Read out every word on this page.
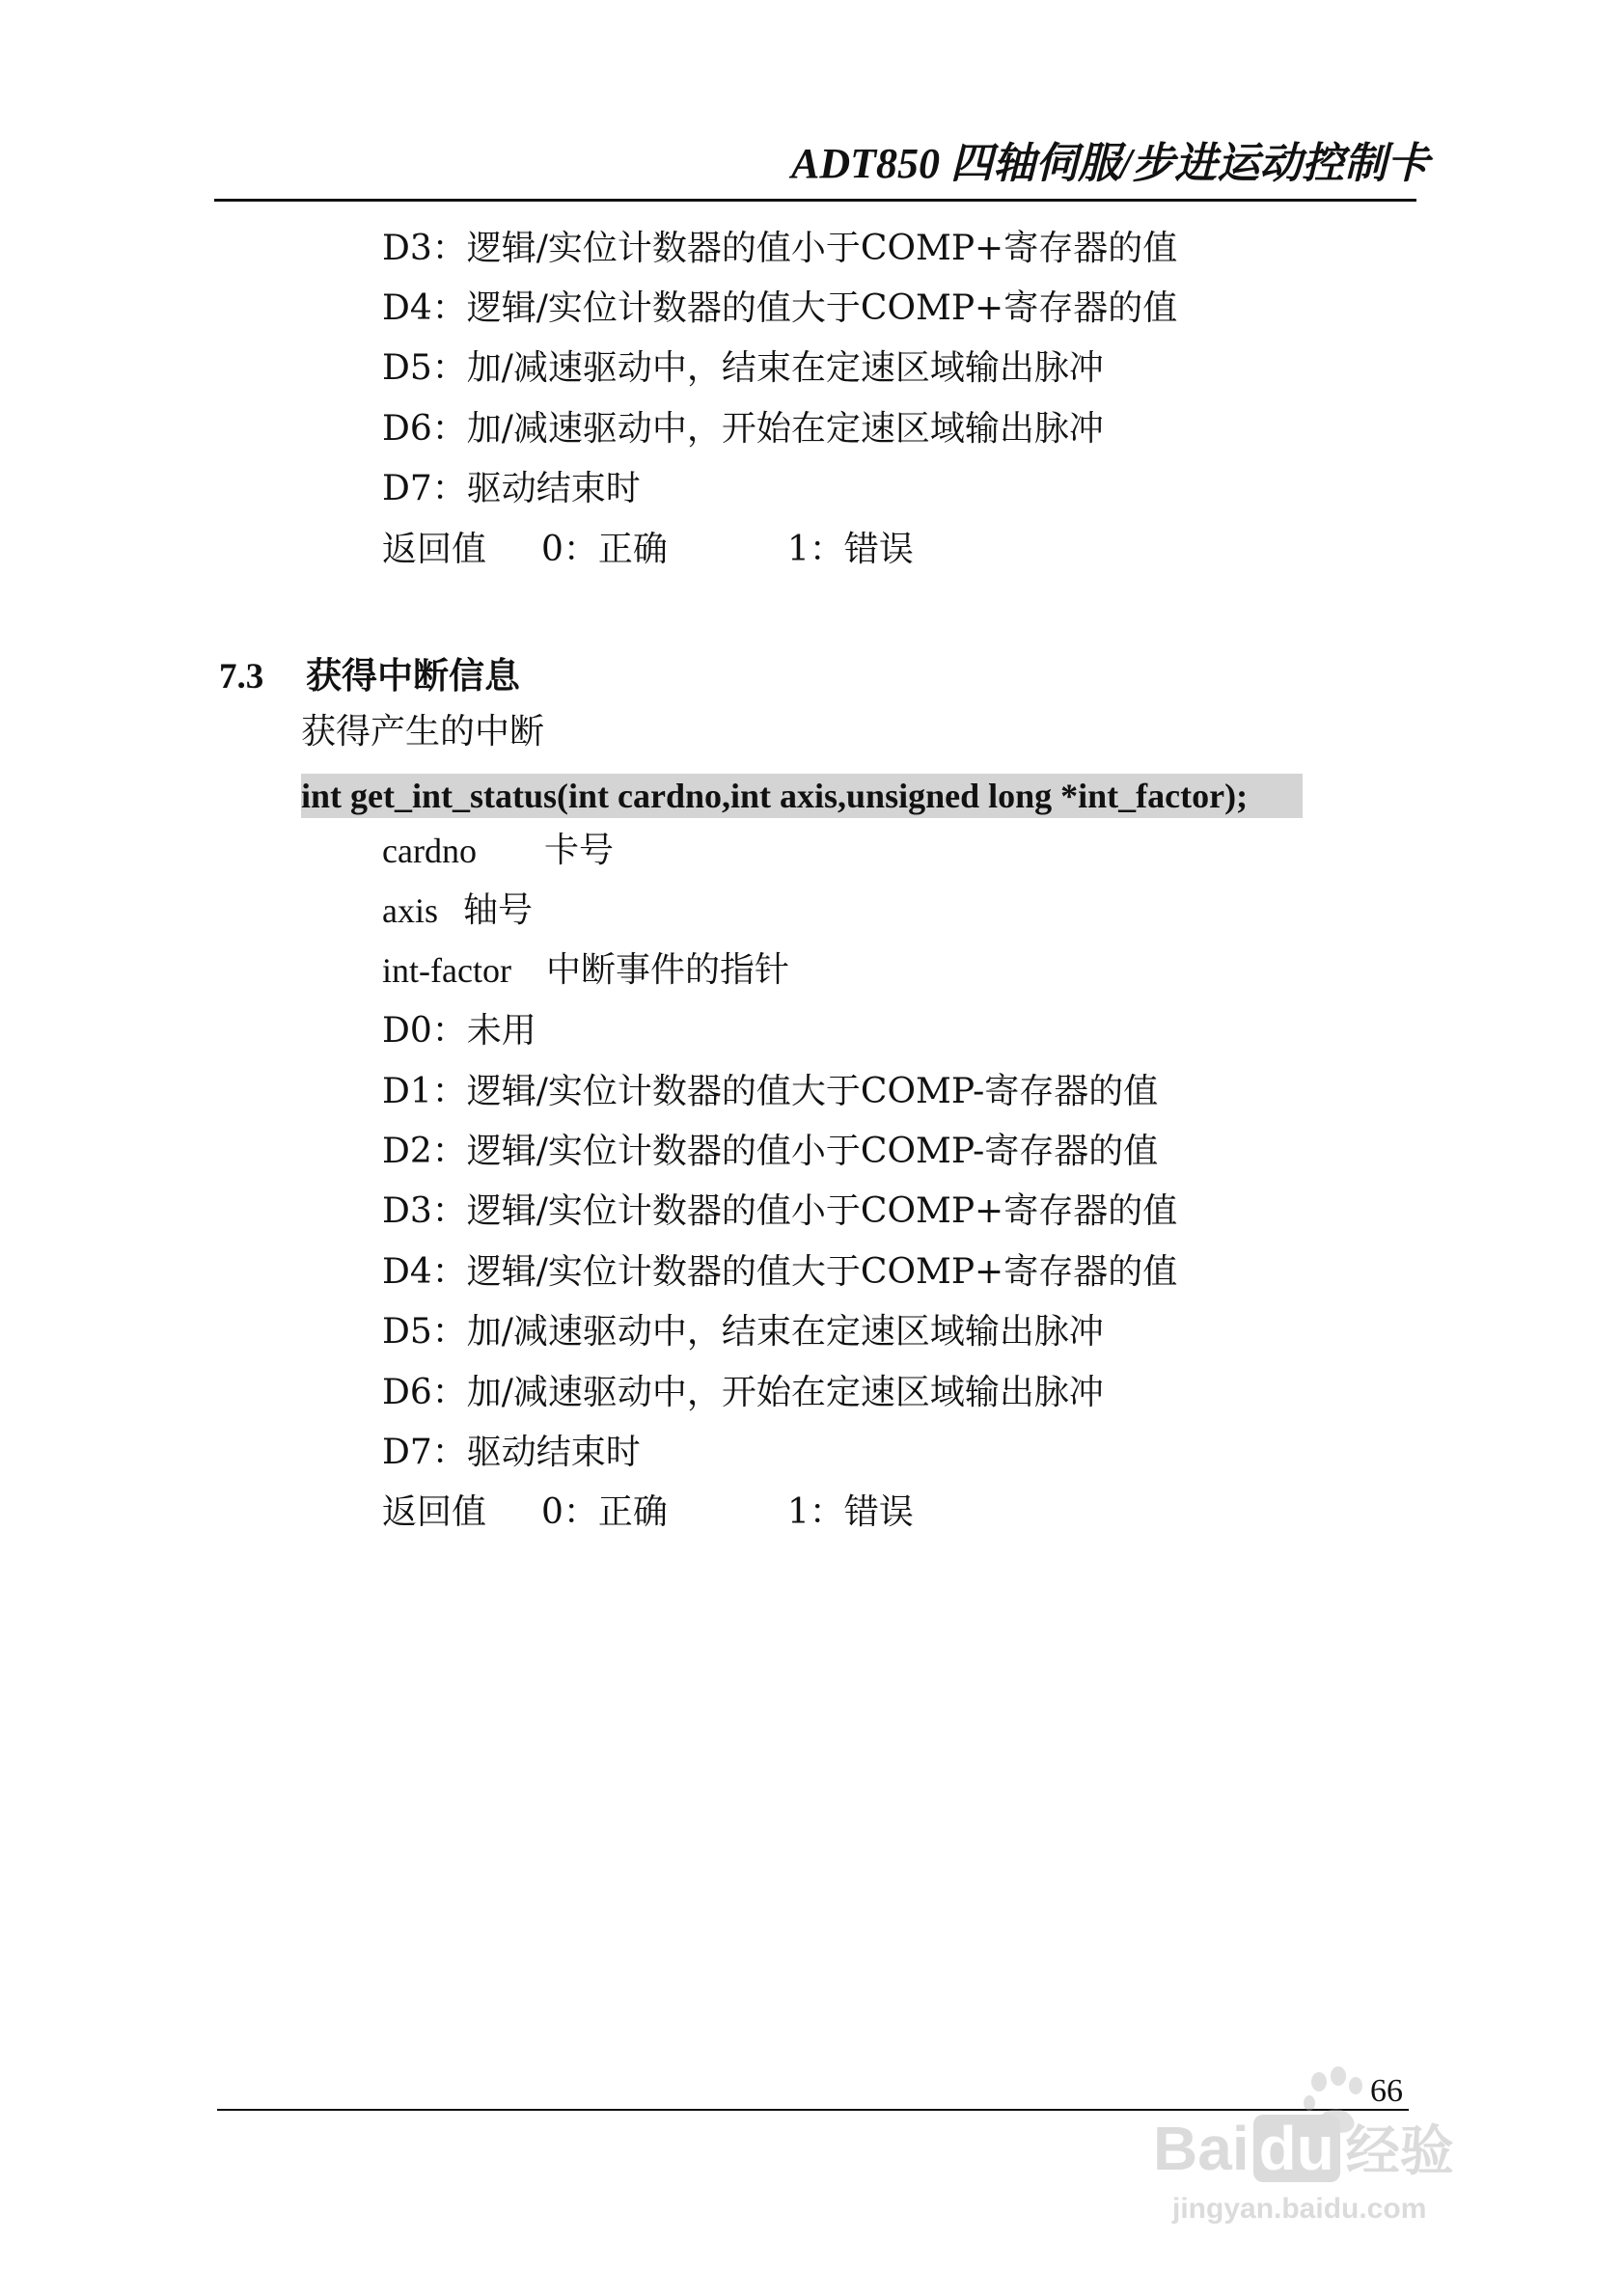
ADT850 四轴伺服/步进运动控制卡
D3：逻辑/实位计数器的值小于COMP+寄存器的值
D4：逻辑/实位计数器的值大于COMP+寄存器的值
D5：加/减速驱动中，结束在定速区域输出脉冲
D6：加/减速驱动中，开始在定速区域输出脉冲
D7：驱动结束时
返回值 0：正确	1：错误
7.3 获得中断信息
获得产生的中断
int get_int_status(int cardno,int axis,unsigned long *int_factor);
cardno 卡号
axis 轴号
int-factor 中断事件的指针
D0：未用
D1：逻辑/实位计数器的值大于COMP-寄存器的值
D2：逻辑/实位计数器的值小于COMP-寄存器的值
D3：逻辑/实位计数器的值小于COMP+寄存器的值
D4：逻辑/实位计数器的值大于COMP+寄存器的值
D5：加/减速驱动中，结束在定速区域输出脉冲
D6：加/减速驱动中，开始在定速区域输出脉冲
D7：驱动结束时
返回值 0：正确	1：错误
66
Bai du 经验
jingyan.baidu.com
